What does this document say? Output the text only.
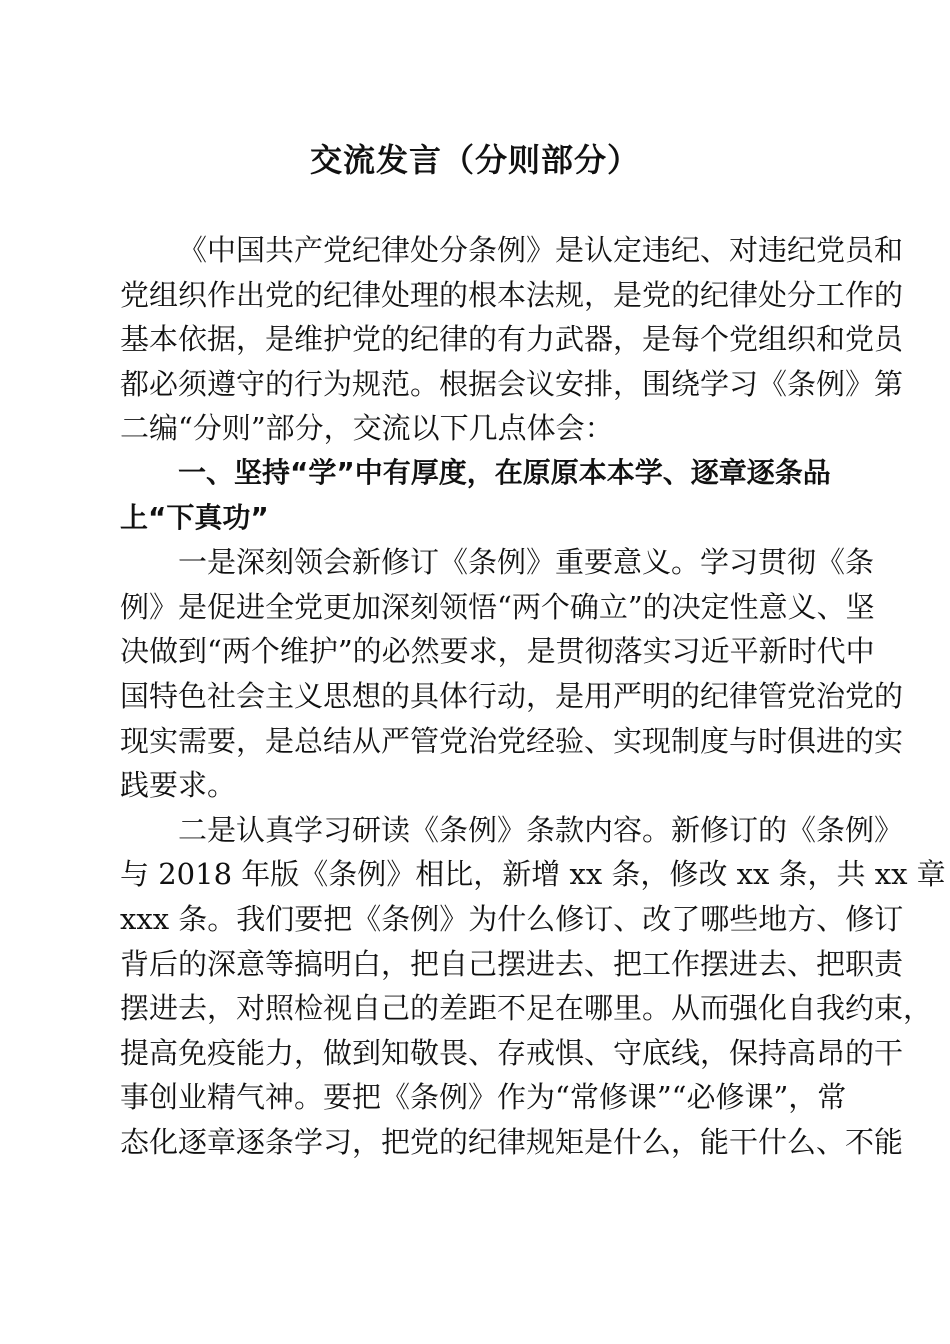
交流发言（分则部分）
《中国共产党纪律处分条例》是认定违纪、对违纪党员和
党组织作出党的纪律处理的根本法规，是党的纪律处分工作的
基本依据，是维护党的纪律的有力武器，是每个党组织和党员
都必须遵守的行为规范。根据会议安排，围绕学习《条例》第
二编“分则”部分，交流以下几点体会：
一、坚持“学”中有厚度，在原原本本学、逐章逐条品
上“下真功”
一是深刻领会新修订《条例》重要意义。学习贯彻《条
例》是促进全党更加深刻领悟“两个确立”的决定性意义、坚
决做到“两个维护”的必然要求，是贯彻落实习近平新时代中
国特色社会主义思想的具体行动，是用严明的纪律管党治党的
现实需要，是总结从严管党治党经验、实现制度与时俱进的实
践要求。
二是认真学习研读《条例》条款内容。新修订的《条例》
与 2018 年版《条例》相比，新增 xx 条，修改 xx 条，共 xx 章
xxx 条。我们要把《条例》为什么修订、改了哪些地方、修订
背后的深意等搞明白，把自己摆进去、把工作摆进去、把职责
摆进去，对照检视自己的差距不足在哪里。从而强化自我约束，
提高免疫能力，做到知敬畏、存戒惧、守底线，保持高昂的干
事创业精气神。要把《条例》作为“常修课”“必修课”，常
态化逐章逐条学习，把党的纪律规矩是什么，能干什么、不能
